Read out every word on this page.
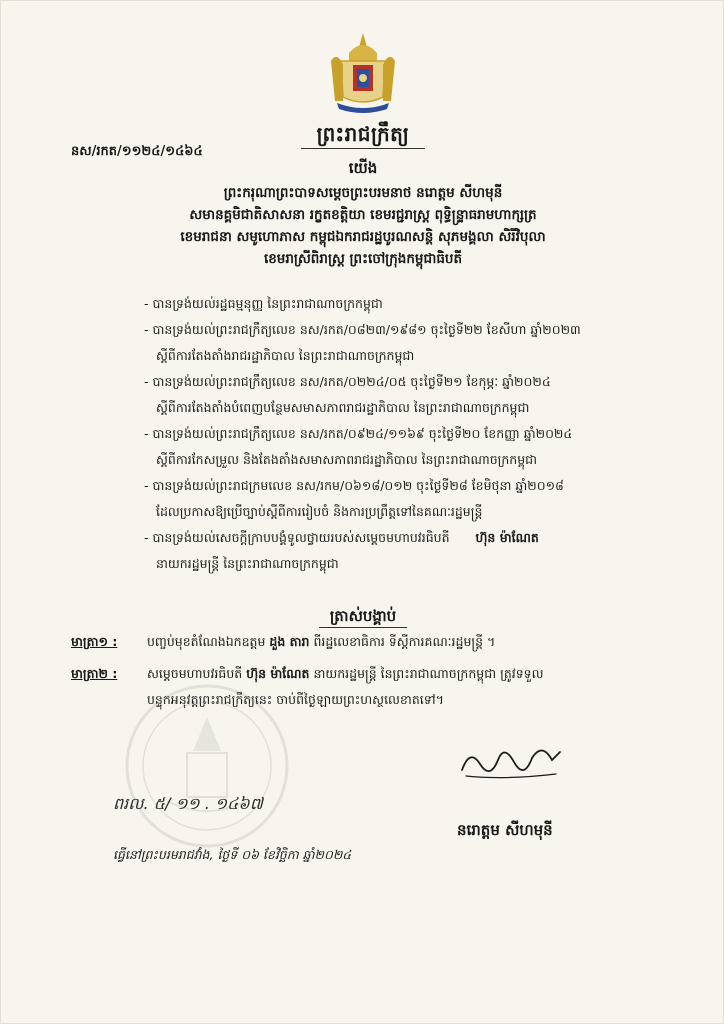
នស/រកត/១១២៤/១៤៦៤
ព្រះរាជក្រឹត្យ
យើង
ព្រះករុណាព្រះបាទសម្ដេចព្រះបរមនាថ នរោត្តម សីហមុនី
សមានគ្គមិជាតិសាសនា រក្ខតខត្តិយា ខេមរជ្ជរាស្ត្រ ពុទ្ធិន្រ្ទាធរាមហាក្សត្រ
ខេមរាជនា សមូហោភាស កម្ពុជឯករាជរដ្ឋបូរណសន្តិ សុភមង្គលា សិរីវិបុលា
ខេមរាស្រីពិរាស្ត្រ ព្រះចៅក្រុងកម្ពុជាធិបតី
- បានទ្រង់យល់រដ្ឋធម្មនុញ្ញ នៃព្រះរាជាណាចក្រកម្ពុជា
- បានទ្រង់យល់ព្រះរាជក្រឹត្យលេខ នស/រកត/០៨២៣/១៩៨១ ចុះថ្ងៃទី២២ ខែសីហា ឆ្នាំ២០២៣
ស្ដីពីការតែងតាំងរាជរដ្ឋាភិបាល នៃព្រះរាជាណាចក្រកម្ពុជា
- បានទ្រង់យល់ព្រះរាជក្រឹត្យលេខ នស/រកត/០២២៤/០៥ ចុះថ្ងៃទី២១ ខែកុម្ភៈ ឆ្នាំ២០២៤
ស្ដីពីការតែងតាំងបំពេញបន្ថែមសមាសភាពរាជរដ្ឋាភិបាល នៃព្រះរាជាណាចក្រកម្ពុជា
- បានទ្រង់យល់ព្រះរាជក្រឹត្យលេខ នស/រកត/០៩២៤/១១៦៩ ចុះថ្ងៃទី២០ ខែកញ្ញា ឆ្នាំ២០២៤
ស្ដីពីការកែសម្រួល និងតែងតាំងសមាសភាពរាជរដ្ឋាភិបាល នៃព្រះរាជាណាចក្រកម្ពុជា
- បានទ្រង់យល់ព្រះរាជក្រមលេខ នស/រកម/០៦១៨/០១២ ចុះថ្ងៃទី២៨ ខែមិថុនា ឆ្នាំ២០១៨
ដែលប្រកាសឱ្យប្រើច្បាប់ស្ដីពីការរៀបចំ និងការប្រព្រឹត្តទៅនៃគណៈរដ្ឋមន្ត្រី
- បានទ្រង់យល់សេចក្ដីក្រាបបង្គំទូលថ្វាយរបស់សម្ដេចមហាបវរធិបតី ហ៊ុន ម៉ាណែត
នាយករដ្ឋមន្ត្រី នៃព្រះរាជាណាចក្រកម្ពុជា
ត្រាស់បង្គាប់
មាត្រា១ : បញ្ចប់មុខតំណែងឯកឧត្តម ដួង តារា ពីរដ្ឋលេខាធិការ ទីស្ដីការគណៈរដ្ឋមន្ត្រី ។
មាត្រា២ : សម្ដេចមហាបវរធិបតី ហ៊ុន ម៉ាណែត នាយករដ្ឋមន្ត្រី នៃព្រះរាជាណាចក្រកម្ពុជា ត្រូវទទួល
បន្ទុកអនុវត្តព្រះរាជក្រឹត្យនេះ ចាប់ពីថ្ងៃឡាយព្រះហស្ថលេខាតទៅ។
ពរល. ៥/ ១១ . ១៤៦៧
នរោត្តម សីហមុនី
ធ្វើនៅព្រះបរមរាជវាំង, ថ្ងៃទី ០៦ ខែវិច្ឆិកា ឆ្នាំ២០២៤
